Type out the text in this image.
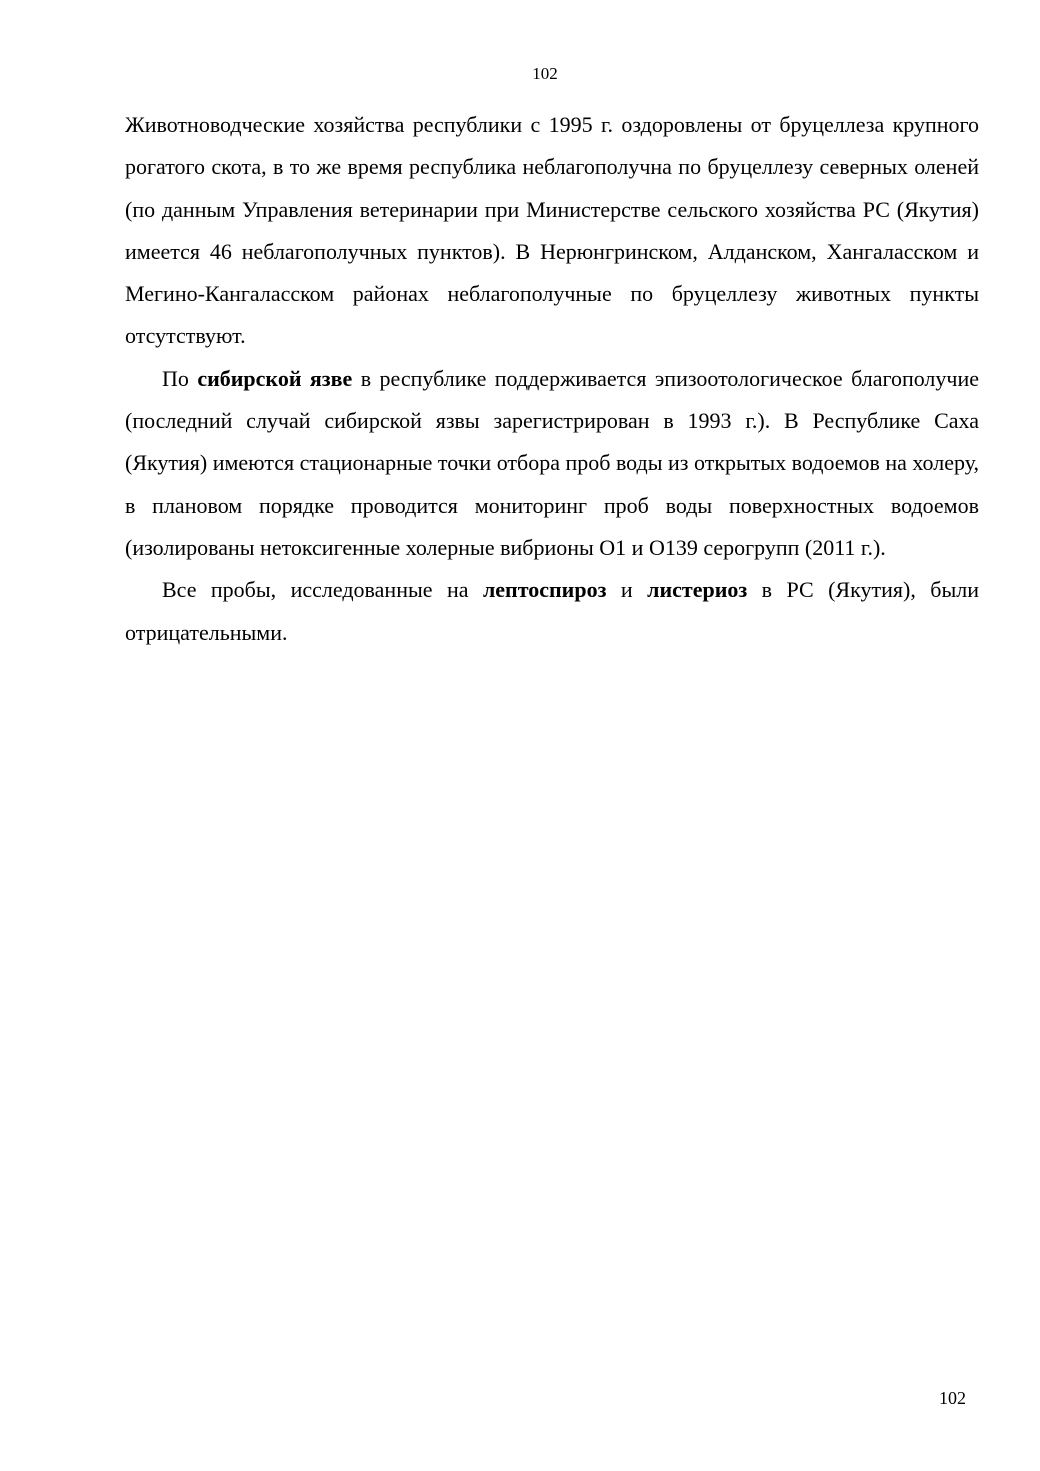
102

Животноводческие хозяйства республики с 1995 г. оздоровлены от бруцеллеза крупного рогатого скота, в то же время республика неблагополучна по бруцеллезу северных оленей (по данным Управления ветеринарии при Министерстве сельского хозяйства РС (Якутия) имеется 46 неблагополучных пунктов). В Нерюнгринском, Алданском, Хангаласском и Мегино-Кангаласском районах неблагополучные по бруцеллезу животных пункты отсутствуют.

По сибирской язве в республике поддерживается эпизоотологическое благополучие (последний случай сибирской язвы зарегистрирован в 1993 г.). В Республике Саха (Якутия) имеются стационарные точки отбора проб воды из открытых водоемов на холеру, в плановом порядке проводится мониторинг проб воды поверхностных водоемов (изолированы нетоксигенные холерные вибрионы О1 и О139 серогрупп (2011 г.).

Все пробы, исследованные на лептоспироз и листериоз в РС (Якутия), были отрицательными.

102
